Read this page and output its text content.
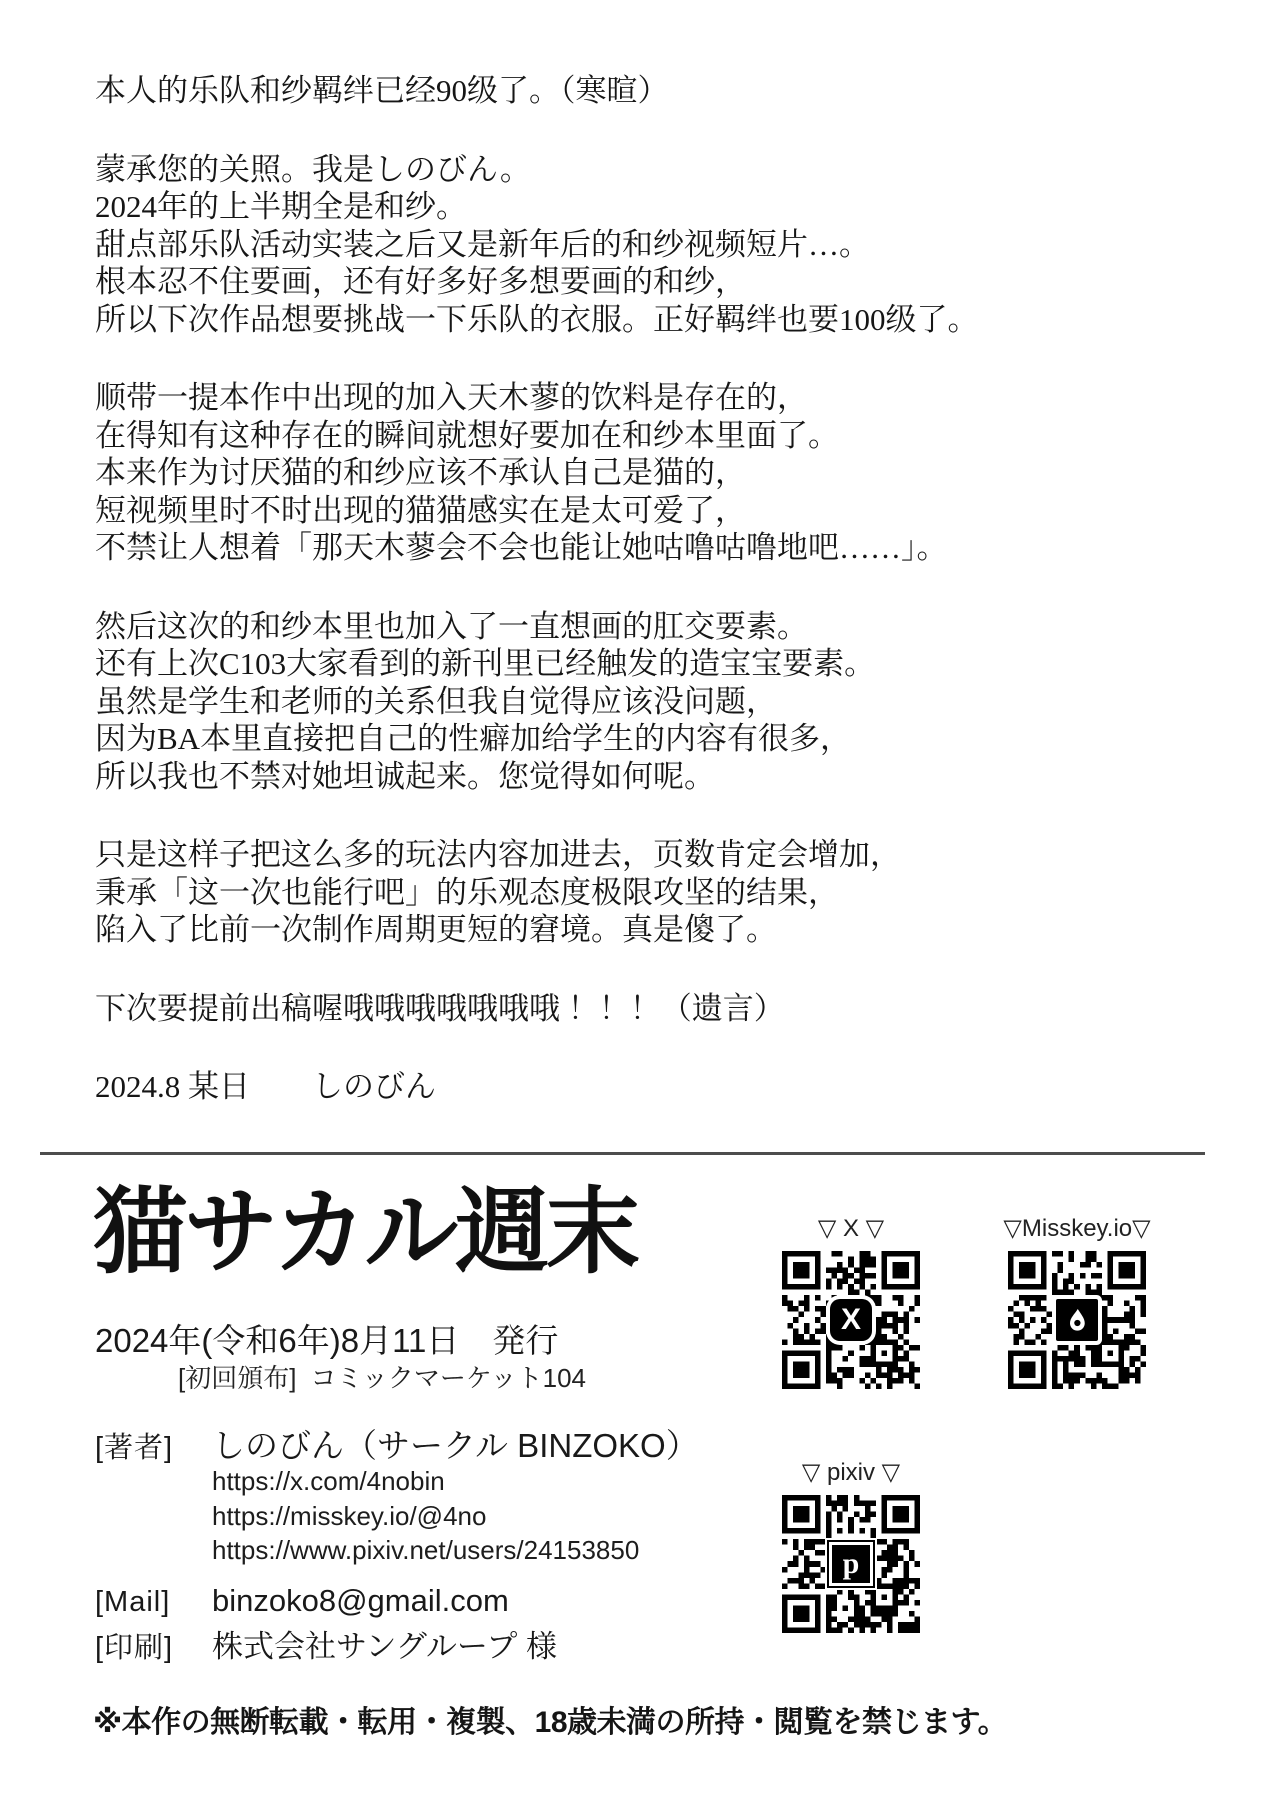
本人的乐队和纱羁绊已经90级了。（寒暄）

蒙承您的关照。我是しのびん。
2024年的上半期全是和纱。
甜点部乐队活动实装之后又是新年后的和纱视频短片…。
根本忍不住要画，还有好多好多想要画的和纱，
所以下次作品想要挑战一下乐队的衣服。正好羁绊也要100级了。

顺带一提本作中出现的加入天木蓼的饮料是存在的，
在得知有这种存在的瞬间就想好要加在和纱本里面了。
本来作为讨厌猫的和纱应该不承认自己是猫的，
短视频里时不时出现的猫猫感实在是太可爱了，
不禁让人想着「那天木蓼会不会也能让她咕噜咕噜地吧……」。

然后这次的和纱本里也加入了一直想画的肛交要素。
还有上次C103大家看到的新刊里已经触发的造宝宝要素。
虽然是学生和老师的关系但我自觉得应该没问题，
因为BA本里直接把自己的性癖加给学生的内容有很多，
所以我也不禁对她坦诚起来。您觉得如何呢。

只是这样子把这么多的玩法内容加进去，页数肯定会增加，
秉承「这一次也能行吧」的乐观态度极限攻坚的结果，
陷入了比前一次制作周期更短的窘境。真是傻了。

下次要提前出稿喔哦哦哦哦哦哦哦 ！！！（遗言）

2024.8 某日　　しのびん

猫サカル週末
2024年(令和6年)8月11日　発行
[初回頒布] コミックマーケット104
[著者] しのびん（サークル BINZOKO）
https://x.com/4nobin
https://misskey.io/@4no
https://www.pixiv.net/users/24153850
[Mail] binzoko8@gmail.com
[印刷] 株式会社サングループ 様
※本作の無断転載・転用・複製、18歳未満の所持・閲覧を禁じます。
▽ X ▽
X
▽Misskey.io▽
▽ pixiv ▽
p
